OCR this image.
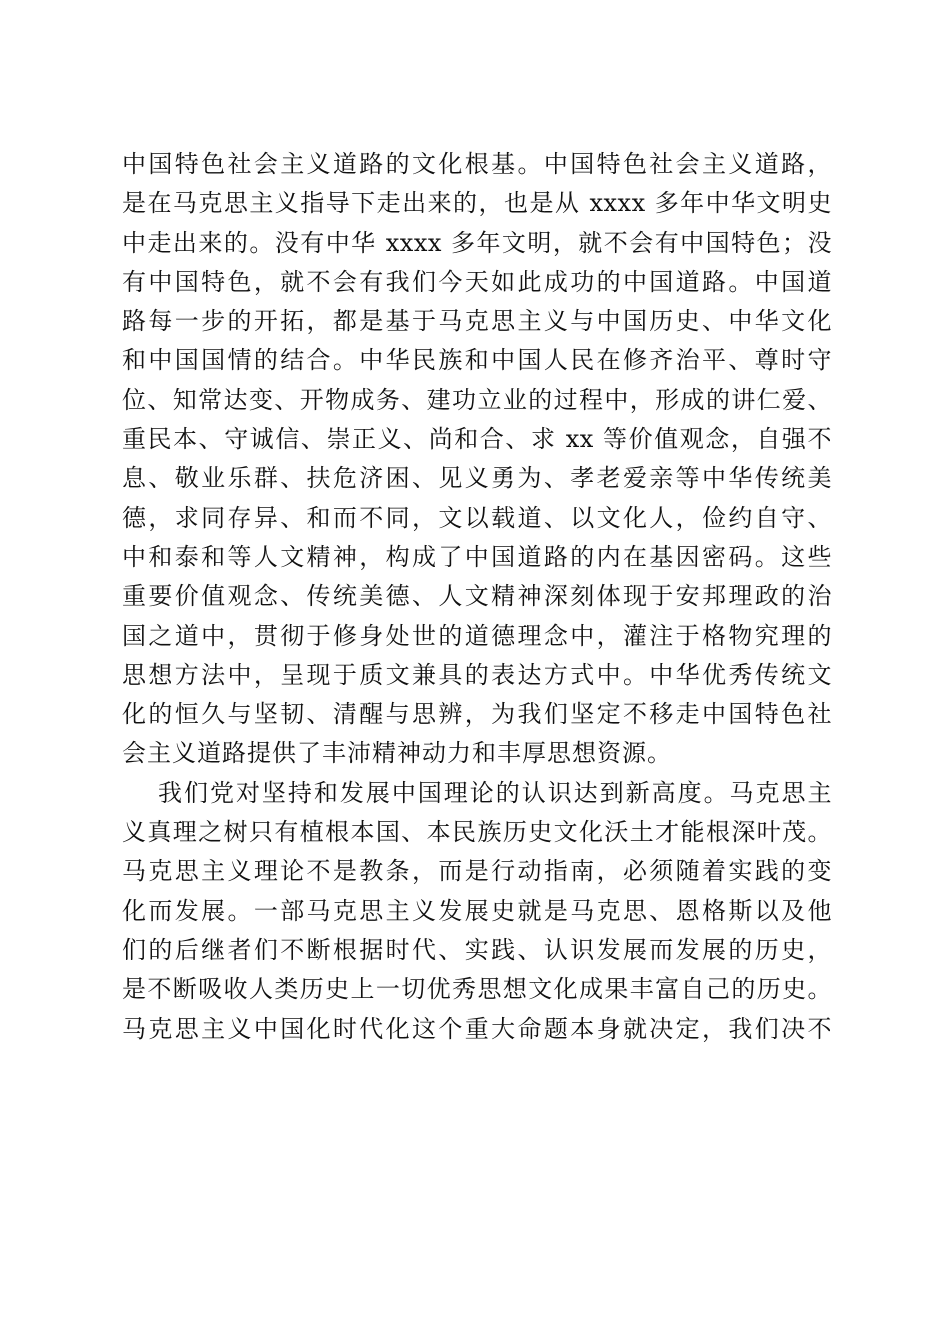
中国特色社会主义道路的文化根基。中国特色社会主义道路，
是在马克思主义指导下走出来的，也是从 xxxx 多年中华文明史
中走出来的。没有中华 xxxx 多年文明，就不会有中国特色；没
有中国特色，就不会有我们今天如此成功的中国道路。中国道
路每一步的开拓，都是基于马克思主义与中国历史、中华文化
和中国国情的结合。中华民族和中国人民在修齐治平、尊时守
位、知常达变、开物成务、建功立业的过程中，形成的讲仁爱、
重民本、守诚信、崇正义、尚和合、求 xx 等价值观念，自强不
息、敬业乐群、扶危济困、见义勇为、孝老爱亲等中华传统美
德，求同存异、和而不同，文以载道、以文化人，俭约自守、
中和泰和等人文精神，构成了中国道路的内在基因密码。这些
重要价值观念、传统美德、人文精神深刻体现于安邦理政的治
国之道中，贯彻于修身处世的道德理念中，灌注于格物究理的
思想方法中，呈现于质文兼具的表达方式中。中华优秀传统文
化的恒久与坚韧、清醒与思辨，为我们坚定不移走中国特色社
会主义道路提供了丰沛精神动力和丰厚思想资源。
我们党对坚持和发展中国理论的认识达到新高度。马克思主
义真理之树只有植根本国、本民族历史文化沃土才能根深叶茂。
马克思主义理论不是教条，而是行动指南，必须随着实践的变
化而发展。一部马克思主义发展史就是马克思、恩格斯以及他
们的后继者们不断根据时代、实践、认识发展而发展的历史，
是不断吸收人类历史上一切优秀思想文化成果丰富自己的历史。
马克思主义中国化时代化这个重大命题本身就决定，我们决不
